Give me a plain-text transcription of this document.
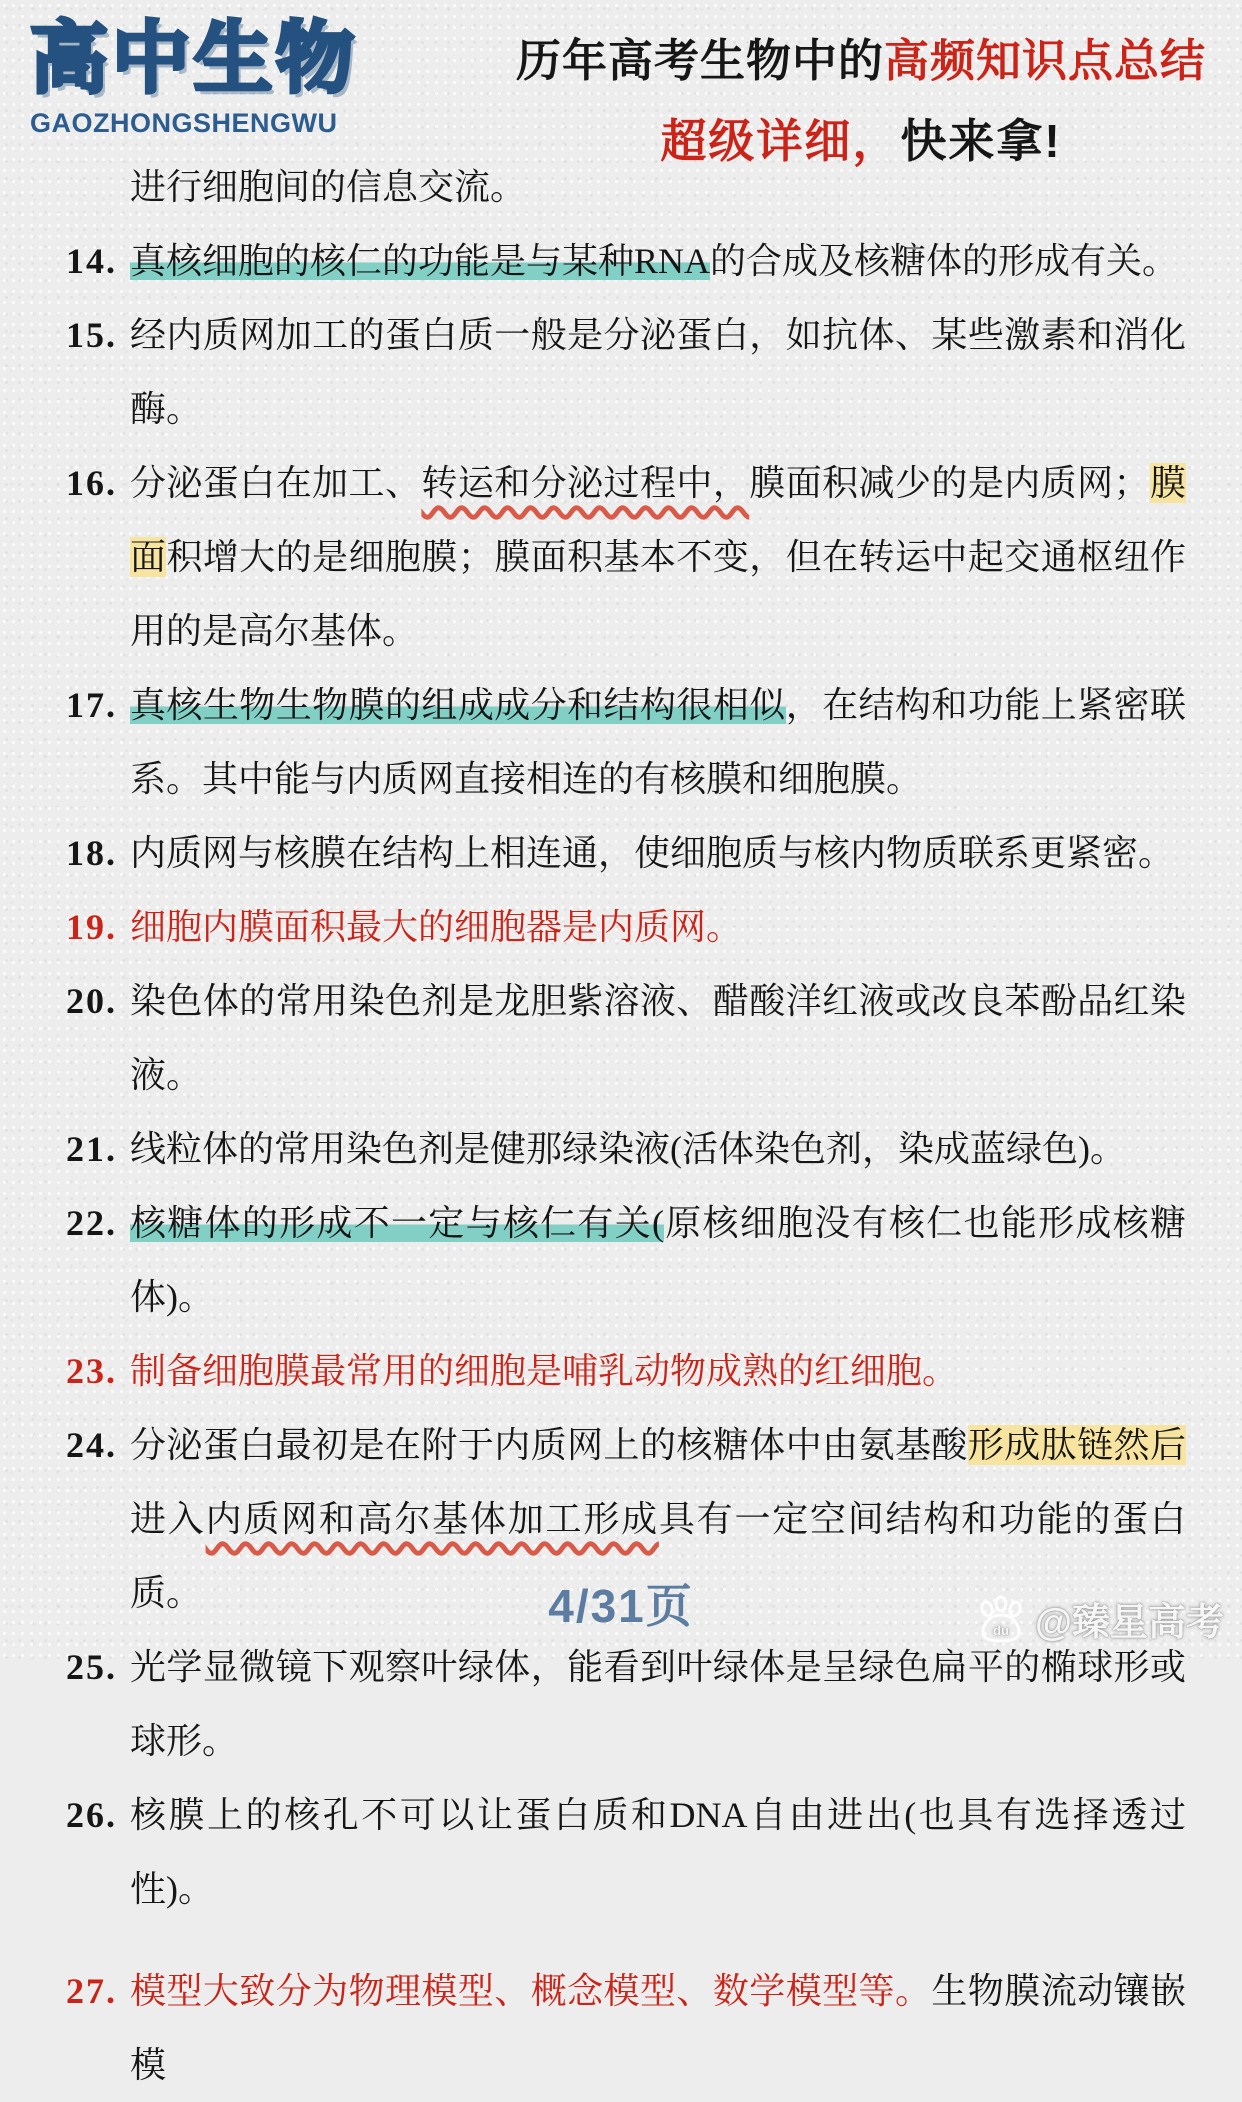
高中生物
GAOZHONGSHENGWU
历年高考生物中的高频知识点总结
超级详细，快来拿!
进行细胞间的信息交流。
14. 真核细胞的核仁的功能是与某种RNA的合成及核糖体的形成有关。
15. 经内质网加工的蛋白质一般是分泌蛋白，如抗体、某些激素和消化酶。
16. 分泌蛋白在加工、转运和分泌过程中，膜面积减少的是内质网；膜面积增大的是细胞膜；膜面积基本不变，但在转运中起交通枢纽作用的是高尔基体。
17. 真核生物生物膜的组成成分和结构很相似，在结构和功能上紧密联系。其中能与内质网直接相连的有核膜和细胞膜。
18. 内质网与核膜在结构上相连通，使细胞质与核内物质联系更紧密。
19. 细胞内膜面积最大的细胞器是内质网。
20. 染色体的常用染色剂是龙胆紫溶液、醋酸洋红液或改良苯酚品红染液。
21. 线粒体的常用染色剂是健那绿染液(活体染色剂，染成蓝绿色)。
22. 核糖体的形成不一定与核仁有关(原核细胞没有核仁也能形成核糖体)。
23. 制备细胞膜最常用的细胞是哺乳动物成熟的红细胞。
24. 分泌蛋白最初是在附于内质网上的核糖体中由氨基酸形成肽链然后进入内质网和高尔基体加工形成具有一定空间结构和功能的蛋白质。
25. 光学显微镜下观察叶绿体，能看到叶绿体是呈绿色扁平的椭球形或球形。
26. 核膜上的核孔不可以让蛋白质和DNA自由进出(也具有选择透过性)。
27. 模型大致分为物理模型、概念模型、数学模型等。生物膜流动镶嵌模
4/31页	du @臻星高考
